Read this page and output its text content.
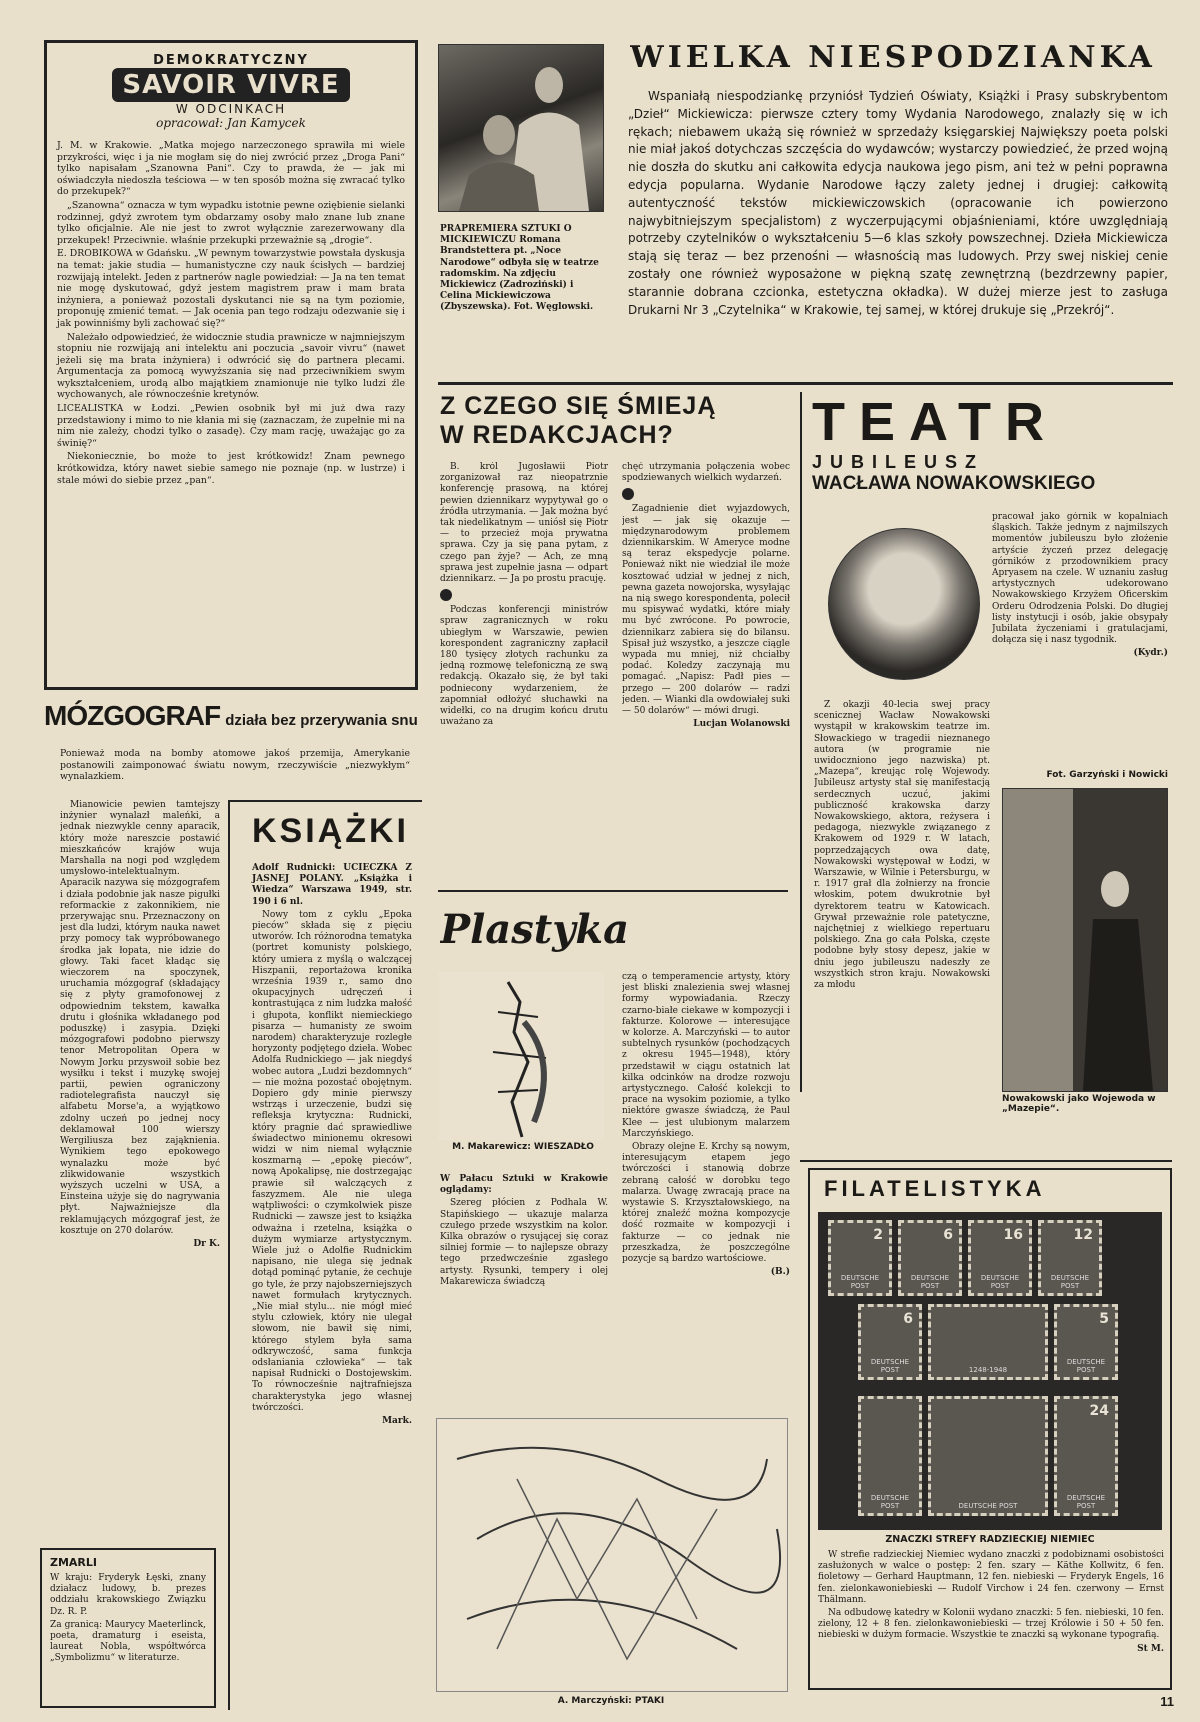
DEMOKRATYCZNY
SAVOIR VIVRE
W ODCINKACH
opracował: Jan Kamycek

J. M. w Krakowie. „Matka mojego narzeczonego sprawiła mi wiele przykrości, więc i ja nie mogłam się do niej zwrócić przez „Droga Pani“ tylko napisałam „Szanowna Pani“. Czy to prawda, że — jak mi oświadczyła niedoszła teściowa — w ten sposób można się zwracać tylko do przekupek?“

„Szanowna“ oznacza w tym wypadku istotnie pewne oziębienie sielanki rodzinnej, gdyż zwrotem tym obdarzamy osoby mało znane lub znane tylko oficjalnie. Ale nie jest to zwrot wyłącznie zarezerwowany dla przekupek! Przeciwnie. właśnie przekupki przeważnie są „drogie“.

E. DROBIKOWA w Gdańsku. „W pewnym towarzystwie powstała dyskusja na temat: jakie studia — humanistyczne czy nauk ścisłych — bardziej rozwijają intelekt. Jeden z partnerów nagle powiedział: — Ja na ten temat nie mogę dyskutować, gdyż jestem magistrem praw i mam brata inżyniera, a ponieważ pozostali dyskutanci nie są na tym poziomie, proponuję zmienić temat. — Jak ocenia pan tego rodzaju odezwanie się i jak powinniśmy byli zachować się?“

Należało odpowiedzieć, że widocznie studia prawnicze w najmniejszym stopniu nie rozwijają ani intelektu ani poczucia „savoir vivru“ (nawet jeżeli się ma brata inżyniera) i odwrócić się do partnera plecami. Argumentacja za pomocą wywyższania się nad przeciwnikiem swym wykształceniem, urodą albo majątkiem znamionuje nie tylko ludzi źle wychowanych, ale równocześnie kretynów.

LICEALISTKA w Łodzi. „Pewien osobnik był mi już dwa razy przedstawiony i mimo to nie kłania mi się (zaznaczam, że zupełnie mi na nim nie zależy, chodzi tylko o zasadę). Czy mam rację, uważając go za świnię?“

Niekoniecznie, bo może to jest krótkowidz! Znam pewnego krótkowidza, który nawet siebie samego nie poznaje (np. w lustrze) i stale mówi do siebie przez „pan“.

MÓZGOGRAF działa bez przerywania snu

Ponieważ moda na bomby atomowe jakoś przemija, Amerykanie postanowili zaimponować światu nowym, rzeczywiście „niezwykłym“ wynalazkiem.

Mianowicie pewien tamtejszy inżynier wynalazł maleńki, a jednak niezwykle cenny aparacik, który może nareszcie postawić mieszkańców krajów wuja Marshalla na nogi pod względem umysłowo-intelektualnym. Aparacik nazywa się mózgografem i działa podobnie jak nasze pigułki reformackie z zakonnikiem, nie przerywając snu. Przeznaczony on jest dla ludzi, którym nauka nawet przy pomocy tak wypróbowanego środka jak łopata, nie idzie do głowy. Taki facet kładąc się wieczorem na spoczynek, uruchamia mózgograf (składający się z płyty gramofonowej z odpowiednim tekstem, kawałka drutu i głośnika wkładanego pod poduszkę) i zasypia. Dzięki mózgografowi podobno pierwszy tenor Metropolitan Opera w Nowym Jorku przyswoił sobie bez wysiłku i tekst i muzykę swojej partii, pewien ograniczony radiotelegrafista nauczył się alfabetu Morse'a, a wyjątkowo zdolny uczeń po jednej nocy deklamował 100 wierszy Wergiliusza bez zająknienia. Wynikiem tego epokowego wynalazku może być zlikwidowanie wszystkich wyższych uczelni w USA, a Einsteina użyje się do nagrywania płyt. Najważniejsze dla reklamujących mózgograf jest, że kosztuje on 270 dolarów.

Dr K.

ZMARLI

W kraju: Fryderyk Łęski, znany działacz ludowy, b. prezes oddziału krakowskiego Związku Dz. R. P.

Za granicą: Maurycy Maeterlinck, poeta, dramaturg i eseista, laureat Nobla, współtwórca „Symbolizmu“ w literaturze.

KSIĄŻKI

Adolf Rudnicki: UCIECZKA Z JASNEJ POLANY. „Książka i Wiedza“ Warszawa 1949, str. 190 i 6 nl.

Nowy tom z cyklu „Epoka pieców“ składa się z pięciu utworów. Ich różnorodna tematyka (portret komunisty polskiego, który umiera z myślą o walczącej Hiszpanii, reportażowa kronika września 1939 r., samo dno okupacyjnych udręczeń i kontrastująca z nim ludzka małość i głupota, konflikt niemieckiego pisarza — humanisty ze swoim narodem) charakteryzuje rozległe horyzonty podjętego dzieła. Wobec Adolfa Rudnickiego — jak niegdyś wobec autora „Ludzi bezdomnych“ — nie można pozostać obojętnym. Dopiero gdy minie pierwszy wstrząs i urzeczenie, budzi się refleksja krytyczna: Rudnicki, który pragnie dać sprawiedliwe świadectwo minionemu okresowi widzi w nim niemal wyłącznie koszmarną — „epokę pieców“, nową Apokalipsę, nie dostrzegając prawie sił walczących z faszyzmem. Ale nie ulega wątpliwości: o czymkolwiek pisze Rudnicki — zawsze jest to książka odważna i rzetelna, książka o dużym wymiarze artystycznym. Wiele już o Adolfie Rudnickim napisano, nie ulega się jednak dotąd pominąć pytanie, że cechuje go tyle, że przy najobszerniejszych nawet formułach krytycznych. „Nie miał stylu... nie mógł mieć stylu człowiek, który nie ulegał słowom, nie bawił się nimi, którego stylem była sama odkrywczość, sama funkcja odsłaniania człowieka“ — tak napisał Rudnicki o Dostojewskim. To równocześnie najtrafniejsza charakterystyka jego własnej twórczości.

Mark.

PRAPREMIERA SZTUKI O MICKIEWICZU Romana Brandstettera pt. „Noce Narodowe“ odbyła się w teatrze radomskim. Na zdjęciu Mickiewicz (Zadroziński) i Celina Mickiewiczowa (Zbyszewska). Fot. Węglowski.

WIELKA NIESPODZIANKA

Wspaniałą niespodziankę przyniósł Tydzień Oświaty, Książki i Prasy subskrybentom „Dzieł“ Mickiewicza: pierwsze cztery tomy Wydania Narodowego, znalazły się w ich rękach; niebawem ukażą się również w sprzedaży księgarskiej Największy poeta polski nie miał jakoś dotychczas szczęścia do wydawców; wystarczy powiedzieć, że przed wojną nie doszła do skutku ani całkowita edycja naukowa jego pism, ani też w pełni poprawna edycja popularna. Wydanie Narodowe łączy zalety jednej i drugiej: całkowitą autentyczność tekstów mickiewiczowskich (opracowanie ich powierzono najwybitniejszym specjalistom) z wyczerpującymi objaśnieniami, które uwzględniają potrzeby czytelników o wykształceniu 5—6 klas szkoły powszechnej. Dzieła Mickiewicza stają się teraz — bez przenośni — własnością mas ludowych. Przy swej niskiej cenie zostały one również wyposażone w piękną szatę zewnętrzną (bezdrzewny papier, starannie dobrana czcionka, estetyczna okładka). W dużej mierze jest to zasługa Drukarni Nr 3 „Czytelnika“ w Krakowie, tej samej, w której drukuje się „Przekrój“.

Z CZEGO SIĘ ŚMIEJĄ
W REDAKCJACH?

B. król Jugosławii Piotr zorganizował raz nieopatrznie konferencję prasową, na której pewien dziennikarz wypytywał go o źródła utrzymania. — Jak można być tak niedelikatnym — uniósł się Piotr — to przecież moja prywatna sprawa. Czy ja się pana pytam, z czego pan żyje? — Ach, ze mną sprawa jest zupełnie jasna — odpart dziennikarz. — Ja po prostu pracuję.

Podczas konferencji ministrów spraw zagranicznych w roku ubiegłym w Warszawie, pewien korespondent zagraniczny zapłacił 180 tysięcy złotych rachunku za jedną rozmowę telefoniczną ze swą redakcją. Okazało się, że był taki podniecony wydarzeniem, że zapomniał odłożyć słuchawki na widełki, co na drugim końcu drutu uważano za

chęć utrzymania połączenia wobec spodziewanych wielkich wydarzeń.

Zagadnienie diet wyjazdowych, jest — jak się okazuje — międzynarodowym problemem dziennikarskim. W Ameryce modne są teraz ekspedycje polarne. Ponieważ nikt nie wiedział ile może kosztować udział w jednej z nich, pewna gazeta nowojorska, wysyłając na nią swego korespondenta, polecił mu spisywać wydatki, które miały mu być zwrócone. Po powrocie, dziennikarz zabiera się do bilansu. Spisał już wszystko, a jeszcze ciągle wypada mu mniej, niż chciałby podać. Koledzy zaczynają mu pomagać. „Napisz: Padł pies — przego — 200 dolarów — radzi jeden. — Wianki dla owdowiałej suki — 50 dolarów“ — mówi drugi.

Lucjan Wolanowski

Plastyka
M. Makarewicz: WIESZADŁO

W Pałacu Sztuki w Krakowie oglądamy:

Szereg płócien z Podhala W. Stapińskiego — ukazuje malarza czułego przede wszystkim na kolor. Kilka obrazów o rysującej się coraz silniej formie — to najlepsze obrazy tego przedwcześnie zgasłego artysty. Rysunki, tempery i olej Makarewicza świadczą

czą o temperamencie artysty, który jest bliski znalezienia swej własnej formy wypowiadania. Rzeczy czarno-białe ciekawe w kompozycji i fakturze. Kolorowe — interesujące w kolorze. A. Marczyński — to autor subtelnych rysunków (pochodzących z okresu 1945—1948), który przedstawił w ciągu ostatnich lat kilka odcinków na drodze rozwoju artystycznego. Całość kolekcji to prace na wysokim poziomie, a tylko niektóre gwasze świadczą, że Paul Klee — jest ulubionym malarzem Marczyńskiego.

Obrazy olejne E. Krchy są nowym, interesującym etapem jego twórczości i stanowią dobrze zebraną całość w dorobku tego malarza. Uwagę zwracają prace na wystawie S. Krzyształowskiego, na której znaleźć można kompozycje dość rozmaite w kompozycji i fakturze — co jednak nie przeszkadza, że poszczególne pozycje są bardzo wartościowe.

(B.)

A. Marczyński: PTAKI
TEATR
JUBILEUSZ
WACŁAWA NOWAKOWSKIEGO

pracował jako górnik w kopalniach śląskich. Także jednym z najmilszych momentów jubileuszu było złożenie artyście życzeń przez delegację górników z przodownikiem pracy Apryasem na czele. W uznaniu zasług artystycznych udekorowano Nowakowskiego Krzyżem Oficerskim Orderu Odrodzenia Polski. Do długiej listy instytucji i osób, jakie obsypały Jubilata życzeniami i gratulacjami, dołącza się i nasz tygodnik.

(Kydr.)

Fot. Garzyński i Nowicki

Z okazji 40-lecia swej pracy scenicznej Wacław Nowakowski wystąpił w krakowskim teatrze im. Słowackiego w tragedii nieznanego autora (w programie nie uwidoczniono jego nazwiska) pt. „Mazepa“, kreując rolę Wojewody. Jubileusz artysty stał się manifestacją serdecznych uczuć, jakimi publiczność krakowska darzy Nowakowskiego, aktora, reżysera i pedagoga, niezwykle związanego z Krakowem od 1929 r. W latach, poprzedzających owa datę, Nowakowski występował w Łodzi, w Warszawie, w Wilnie i Petersburgu, w r. 1917 grał dla żołnierzy na froncie włoskim, potem dwukrotnie był dyrektorem teatru w Katowicach. Grywał przeważnie role patetyczne, najchętniej z wielkiego repertuaru polskiego. Zna go cała Polska, częste podobne były stosy depesz, jakie w dniu jego jubileuszu nadeszły ze wszystkich stron kraju. Nowakowski za młodu

Nowakowski jako Wojewoda w „Mazepie“.
FILATELISTYKA
2
DEUTSCHE POST
6
DEUTSCHE POST
16
DEUTSCHE POST
12
DEUTSCHE POST
6
DEUTSCHE POST	1248-1948
5
DEUTSCHE POST
DEUTSCHE POST	DEUTSCHE POST
24
DEUTSCHE POST
ZNACZKI STREFY RADZIECKIEJ NIEMIEC

W strefie radzieckiej Niemiec wydano znaczki z podobiznami osobistości zasłużonych w walce o postęp: 2 fen. szary — Käthe Kollwitz, 6 fen. fioletowy — Gerhard Hauptmann, 12 fen. niebieski — Fryderyk Engels, 16 fen. zielonkawoniebieski — Rudolf Virchow i 24 fen. czerwony — Ernst Thälmann.

Na odbudowę katedry w Kolonii wydano znaczki: 5 fen. niebieski, 10 fen. zielony, 12 + 8 fen. zielonkawoniebieski — trzej Królowie i 50 + 50 fen. niebieski w dużym formacie. Wszystkie te znaczki są wykonane typografią.

St M.

11
